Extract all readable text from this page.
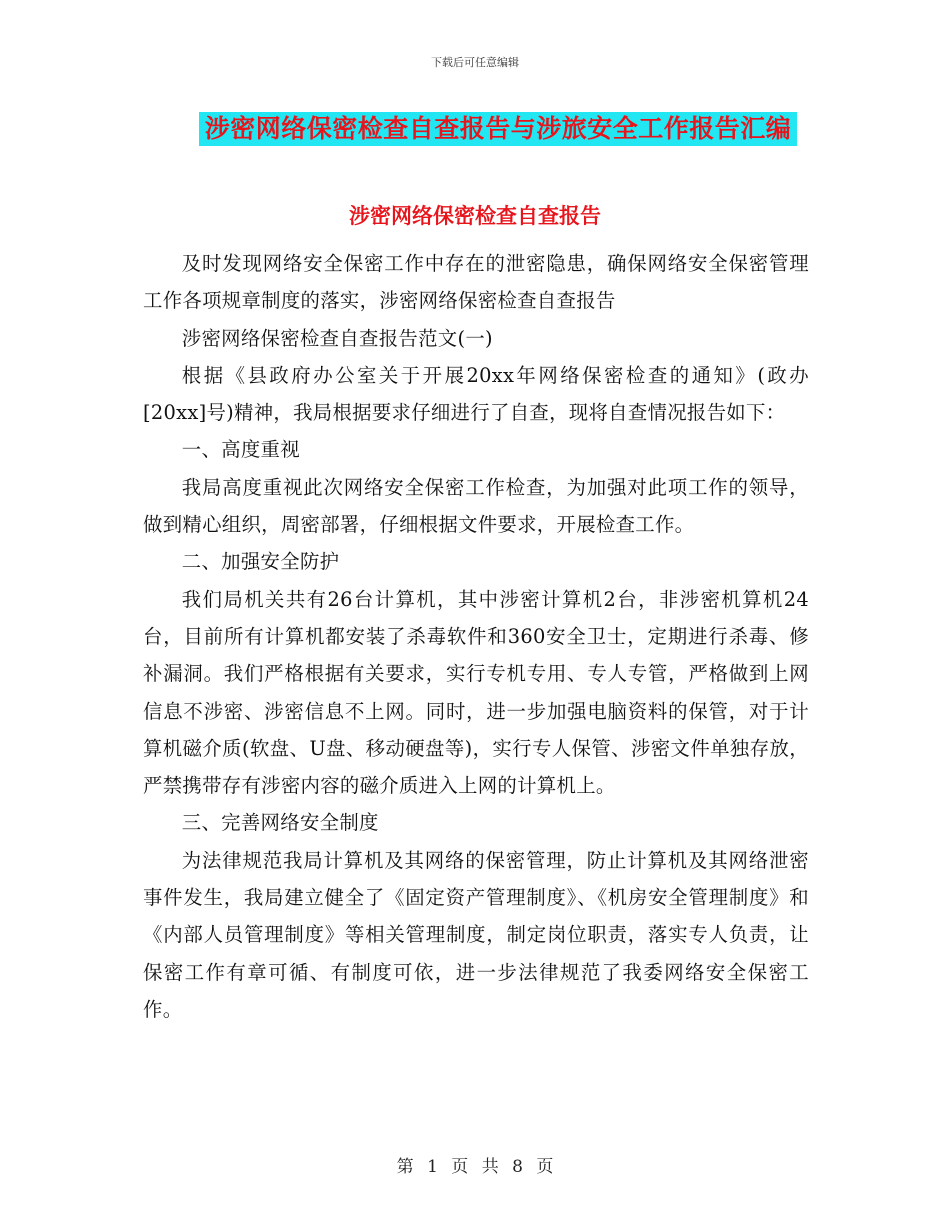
下载后可任意编辑
涉密网络保密检查自查报告与涉旅安全工作报告汇编
涉密网络保密检查自查报告

及时发现网络安全保密工作中存在的泄密隐患，确保网络安全保密管理工作各项规章制度的落实，涉密网络保密检查自查报告

涉密网络保密检查自查报告范文(一)

根据《县政府办公室关于开展20xx年网络保密检查的通知》(政办[20xx]号)精神，我局根据要求仔细进行了自查，现将自查情况报告如下：

一、高度重视

我局高度重视此次网络安全保密工作检查，为加强对此项工作的领导，做到精心组织，周密部署，仔细根据文件要求，开展检查工作。

二、加强安全防护

我们局机关共有26台计算机，其中涉密计算机2台，非涉密机算机24台，目前所有计算机都安装了杀毒软件和360安全卫士，定期进行杀毒、修补漏洞。我们严格根据有关要求，实行专机专用、专人专管，严格做到上网信息不涉密、涉密信息不上网。同时，进一步加强电脑资料的保管，对于计算机磁介质(软盘、U盘、移动硬盘等)，实行专人保管、涉密文件单独存放，严禁携带存有涉密内容的磁介质进入上网的计算机上。

三、完善网络安全制度

为法律规范我局计算机及其网络的保密管理，防止计算机及其网络泄密事件发生，我局建立健全了《固定资产管理制度》、《机房安全管理制度》和《内部人员管理制度》等相关管理制度，制定岗位职责，落实专人负责，让保密工作有章可循、有制度可依，进一步法律规范了我委网络安全保密工作。

第 1 页 共 8 页
